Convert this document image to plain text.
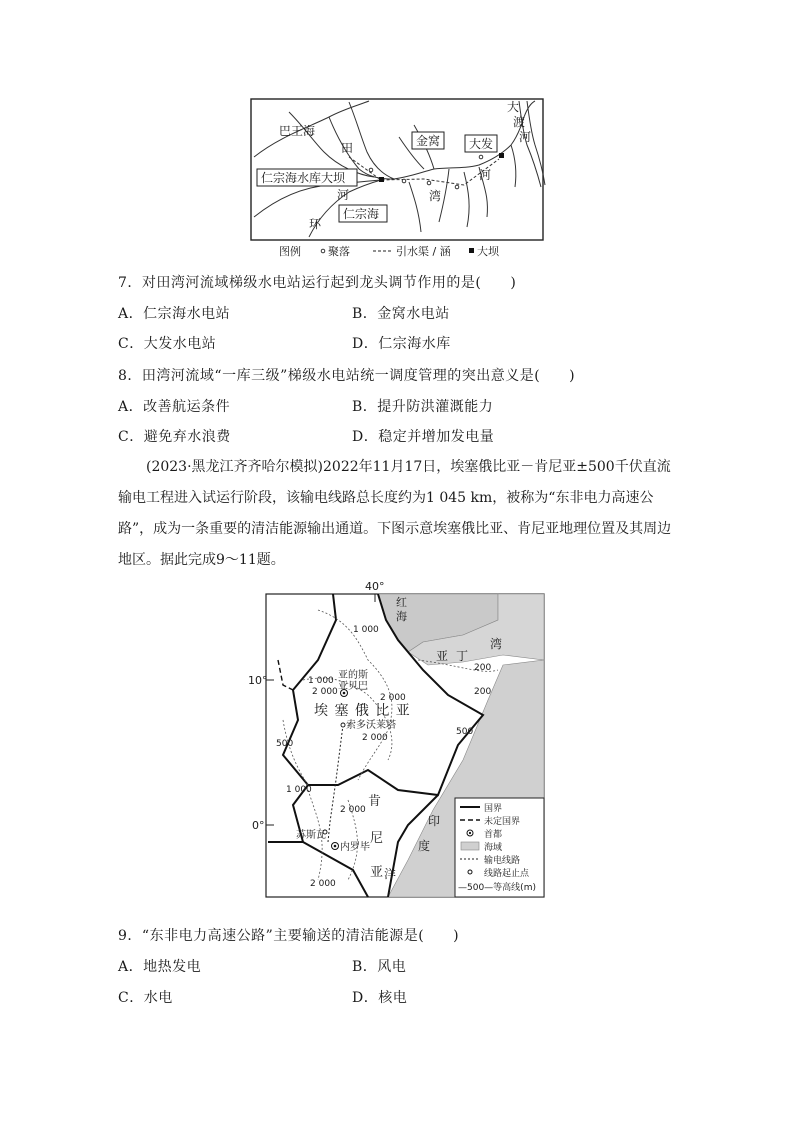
大
渡
河
巴王海
田
仁宗海水库大坝
河
仁宗海
环
金窝
湾
大发
河
图例 聚落	引水渠 / 涵 大坝
7．对田湾河流域梯级水电站运行起到龙头调节作用的是(　　)
A．仁宗海水电站	B．金窝水电站
C．大发水电站	D．仁宗海水库
8．田湾河流域“一库三级”梯级水电站统一调度管理的突出意义是(　　)
A．改善航运条件	B．提升防洪灌溉能力
C．避免弃水浪费	D．稳定并增加发电量

(2023·黑龙江齐齐哈尔模拟)2022年11月17日，埃塞俄比亚－肯尼亚±500千伏直流输电工程进入试运行阶段，该输电线路总长度约为1 045 km，被称为“东非电力高速公路”，成为一条重要的清洁能源输出通道。下图示意埃塞俄比亚、肯尼亚地理位置及其周边地区。据此完成9～11题。

40°
10°
0°
红
海
亚 丁
湾
亚的斯
亚贝巴
埃 塞 俄 比 亚
索多沃莱塔
肯
尼
亚
内罗毕
苏斯瓦
印
度
洋
1 000
200
1 000
2 000
2 000
500
2 000
500
1 000
2 000
2 000
200
国界
未定国界
首都
海域
输电线路
线路起止点
—500—等高线(m)
9．“东非电力高速公路”主要输送的清洁能源是(　　)
A．地热发电	B．风电
C．水电	D．核电
